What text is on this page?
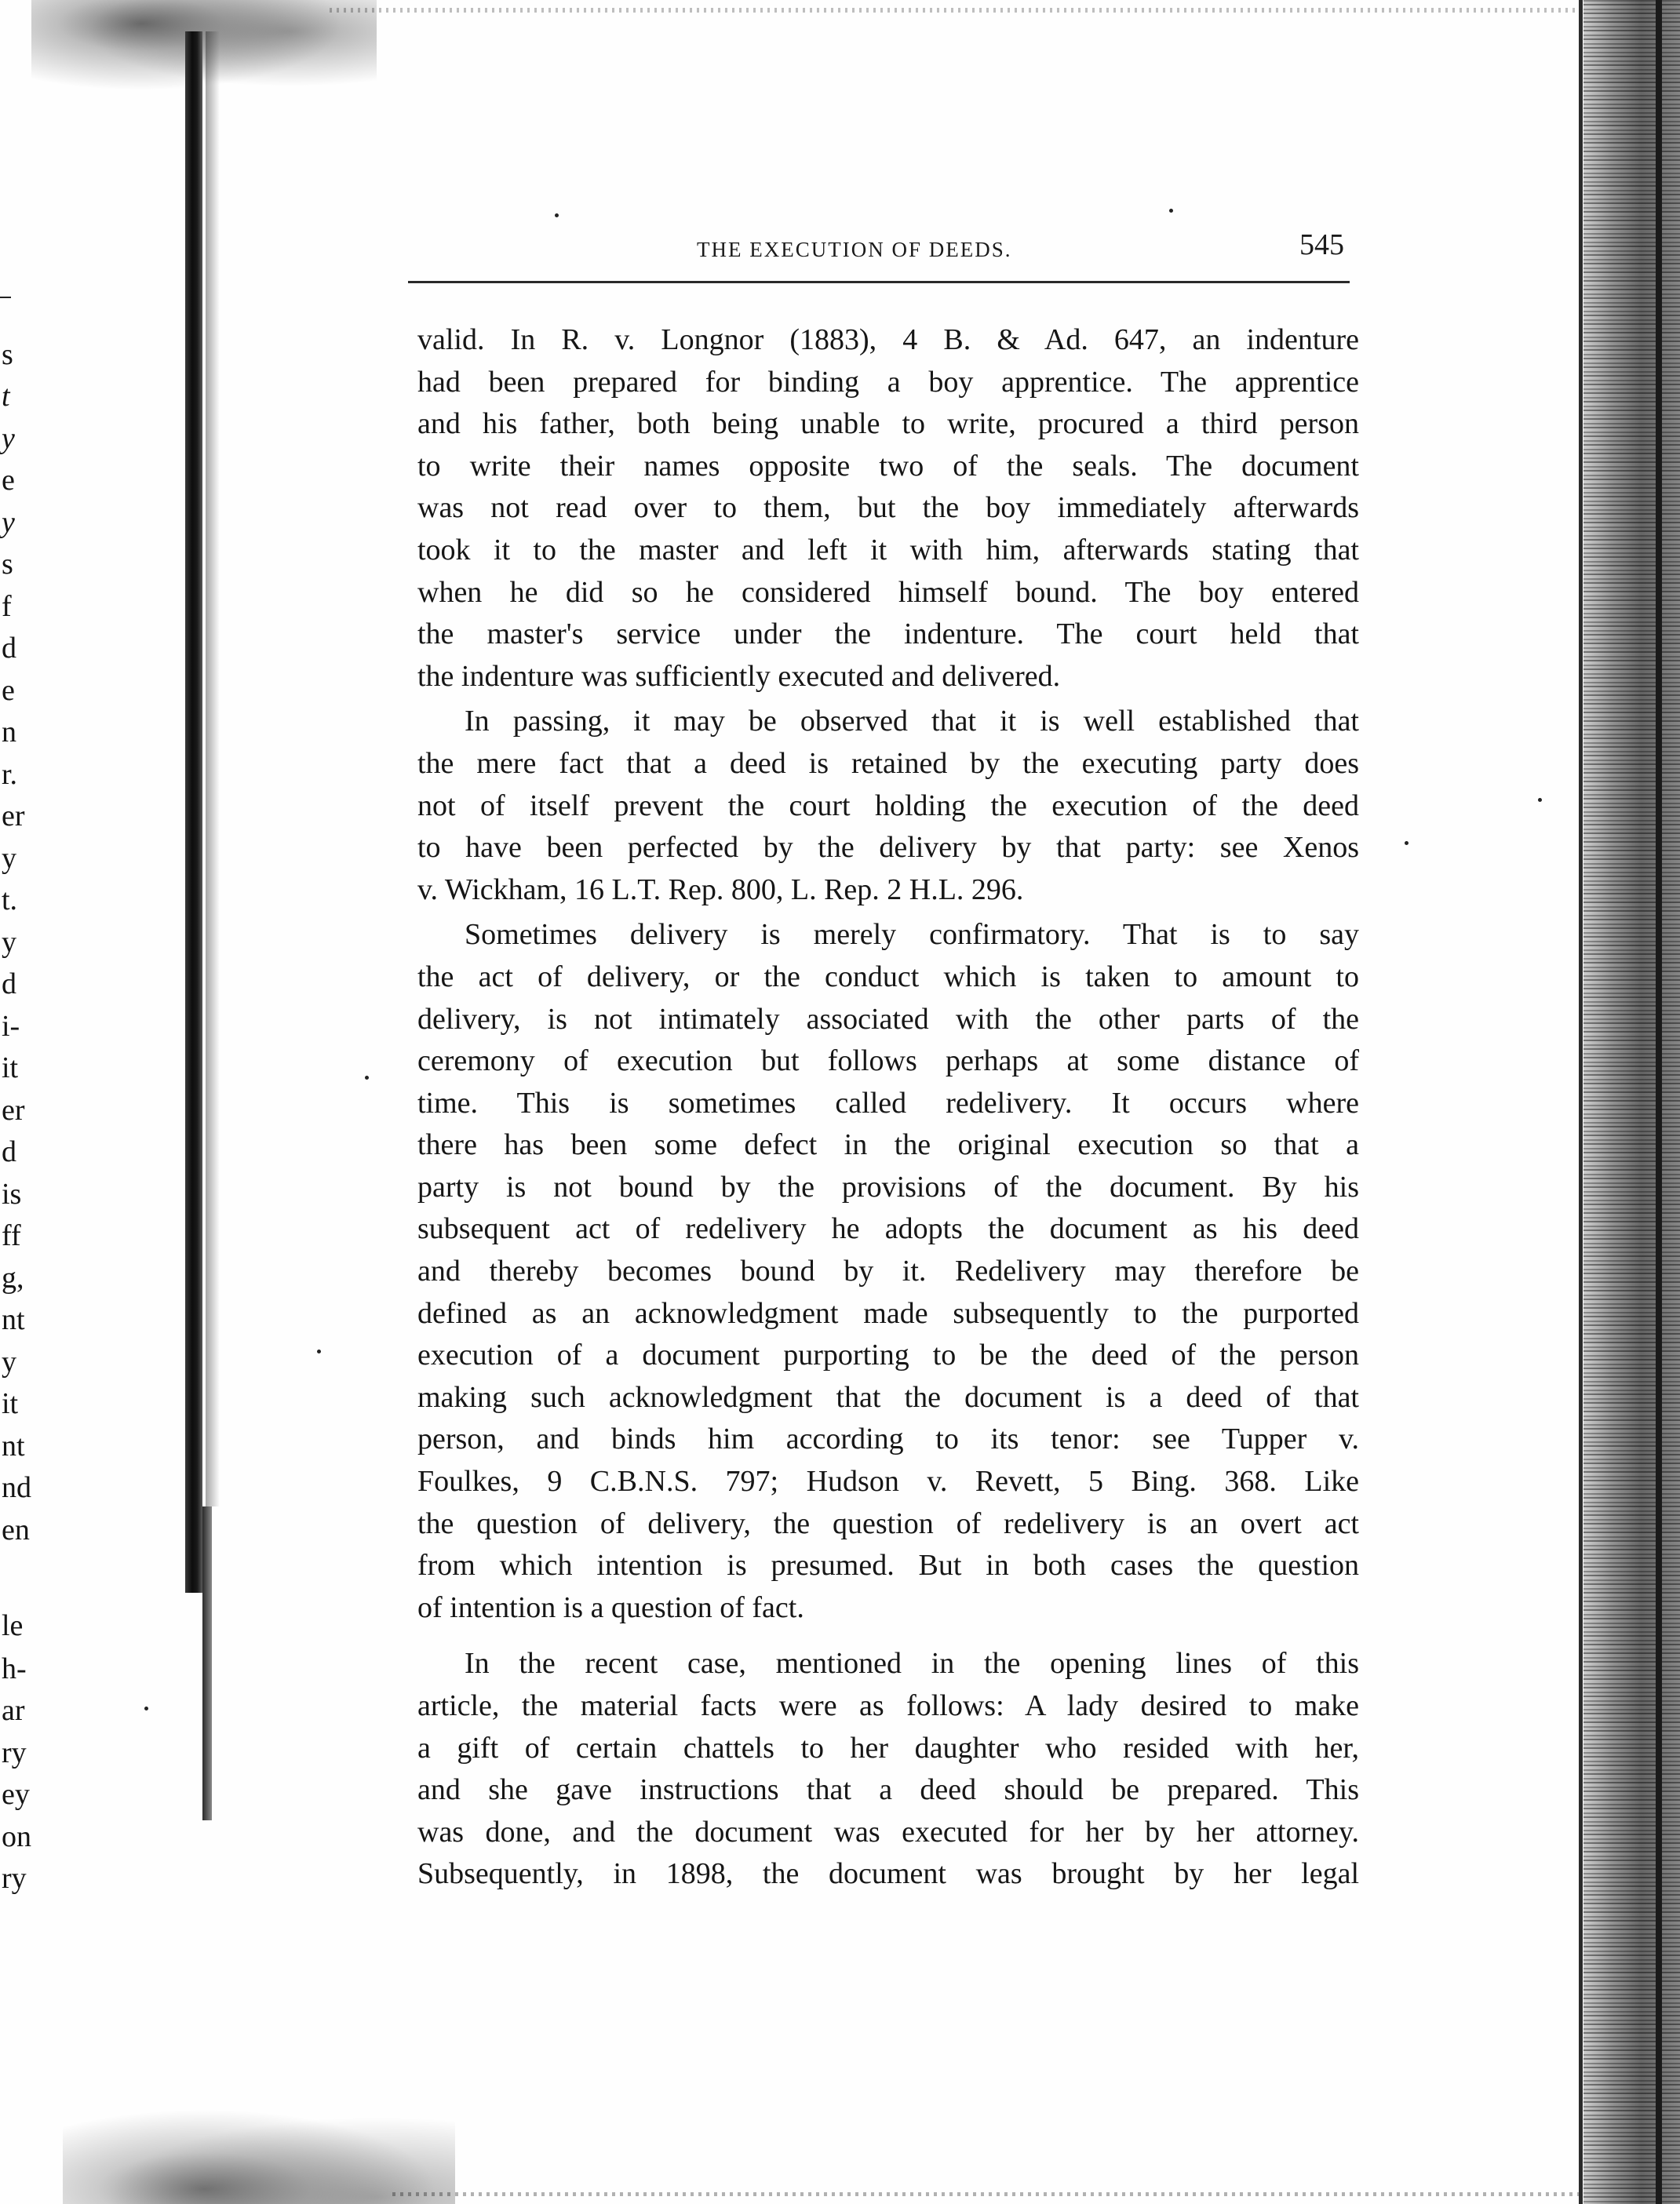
s
t
y
e
y
s
f
d
e
n
r.
er
y
t.
y
d
i-
it
er
d
is
ff
g,
nt
y
it
nt
nd
en
le
h-
ar
ry
ey
on
ry
THE EXECUTION OF DEEDS.	545
valid. In R. v. Longnor (1883), 4 B. & Ad. 647, an indenture
had been prepared for binding a boy apprentice. The apprentice
and his father, both being unable to write, procured a third person
to write their names opposite two of the seals. The document
was not read over to them, but the boy immediately afterwards
took it to the master and left it with him, afterwards stating that
when he did so he considered himself bound. The boy entered
the master's service under the indenture. The court held that
the indenture was sufficiently executed and delivered.
In passing, it may be observed that it is well established that
the mere fact that a deed is retained by the executing party does
not of itself prevent the court holding the execution of the deed
to have been perfected by the delivery by that party: see Xenos
v. Wickham, 16 L.T. Rep. 800, L. Rep. 2 H.L. 296.
Sometimes delivery is merely confirmatory. That is to say
the act of delivery, or the conduct which is taken to amount to
delivery, is not intimately associated with the other parts of the
ceremony of execution but follows perhaps at some distance of
time. This is sometimes called redelivery. It occurs where
there has been some defect in the original execution so that a
party is not bound by the provisions of the document. By his
subsequent act of redelivery he adopts the document as his deed
and thereby becomes bound by it. Redelivery may therefore be
defined as an acknowledgment made subsequently to the purported
execution of a document purporting to be the deed of the person
making such acknowledgment that the document is a deed of that
person, and binds him according to its tenor: see Tupper v.
Foulkes, 9 C.B.N.S. 797; Hudson v. Revett, 5 Bing. 368. Like
the question of delivery, the question of redelivery is an overt act
from which intention is presumed. But in both cases the question
of intention is a question of fact.
In the recent case, mentioned in the opening lines of this
article, the material facts were as follows: A lady desired to make
a gift of certain chattels to her daughter who resided with her,
and she gave instructions that a deed should be prepared. This
was done, and the document was executed for her by her attorney.
Subsequently, in 1898, the document was brought by her legal
